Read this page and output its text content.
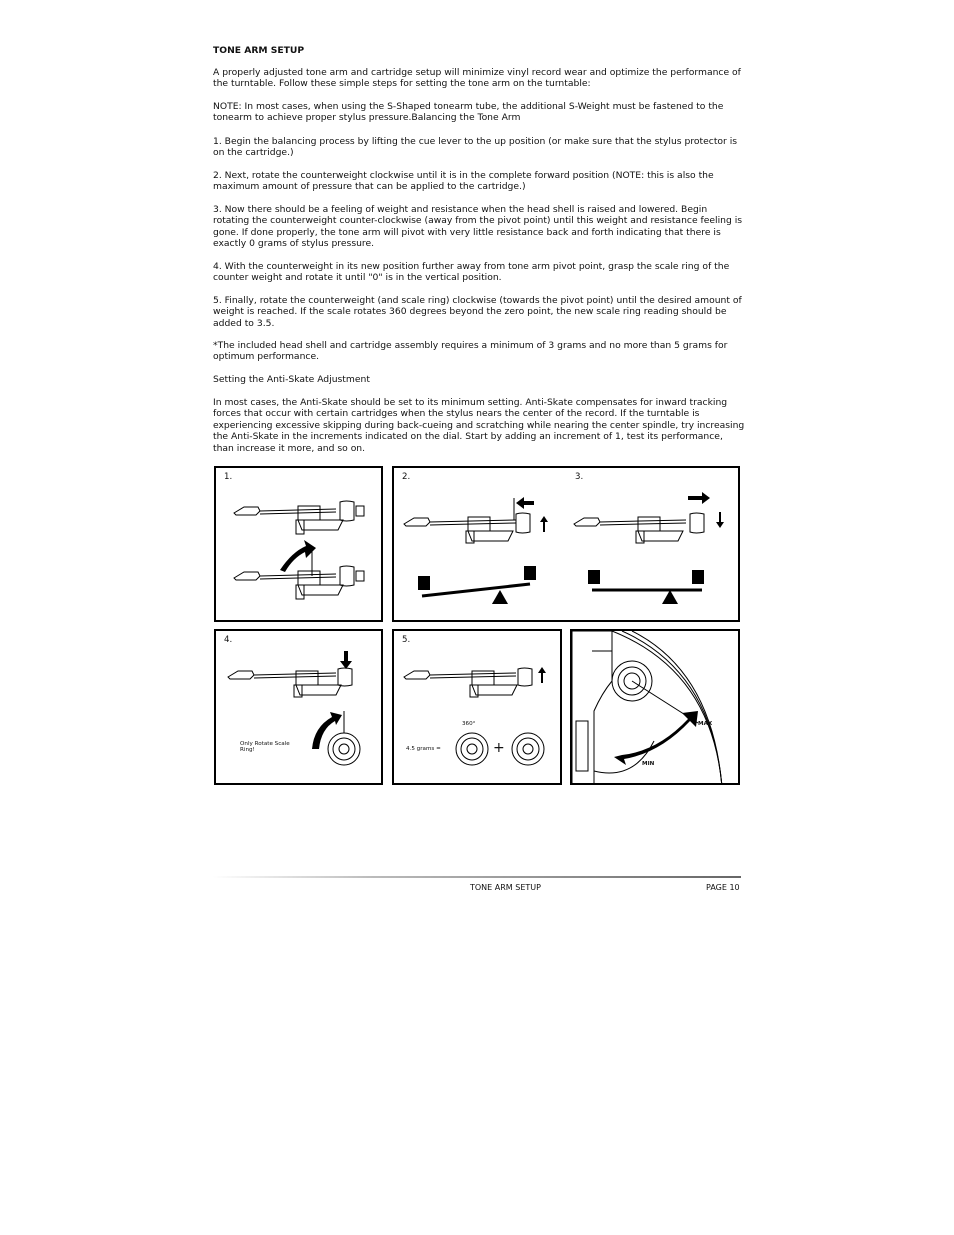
TONE ARM SETUP

A properly adjusted tone arm and cartridge setup will minimize vinyl record wear and optimize the performance of the turntable. Follow these simple steps for setting the tone arm on the turntable:

NOTE: In most cases, when using the S-Shaped tonearm tube, the additional S-Weight must be fastened to the tonearm to achieve proper stylus pressure.Balancing the Tone Arm

1. Begin the balancing process by lifting the cue lever to the up position (or make sure that the stylus protector is on the cartridge.)

2. Next, rotate the counterweight clockwise until it is in the complete forward position (NOTE: this is also the maximum amount of pressure that can be applied to the cartridge.)

3. Now there should be a feeling of weight and resistance when the head shell is raised and lowered. Begin rotating the counterweight counter-clockwise (away from the pivot point) until this weight and resistance feeling is gone. If done properly, the tone arm will pivot with very little resistance back and forth indicating that there is exactly 0 grams of stylus pressure.

4. With the counterweight in its new position further away from tone arm pivot point, grasp the scale ring of the counter weight and rotate it until "0" is in the vertical position.

5. Finally, rotate the counterweight (and scale ring) clockwise (towards the pivot point) until the desired amount of weight is reached. If the scale rotates 360 degrees beyond the zero point, the new scale ring reading should be added to 3.5.

*The included head shell and cartridge assembly requires a minimum of 3 grams and no more than 5 grams for optimum performance.

Setting the Anti-Skate Adjustment

In most cases, the Anti-Skate should be set to its minimum setting. Anti-Skate compensates for inward tracking forces that occur with certain cartridges when the stylus nears the center of the record. If the turntable is experiencing excessive skipping during back-cueing and scratching while nearing the center spindle, try increasing the Anti-Skate in the increments indicated on the dial. Start by adding an increment of 1, test its performance, than increase it more, and so on.

1.	2.	3.
4.
Only Rotate Scale Ring!
5.
360°
4.5 grams =	+
MAX
MIN
TONE ARM SETUP	PAGE 10
